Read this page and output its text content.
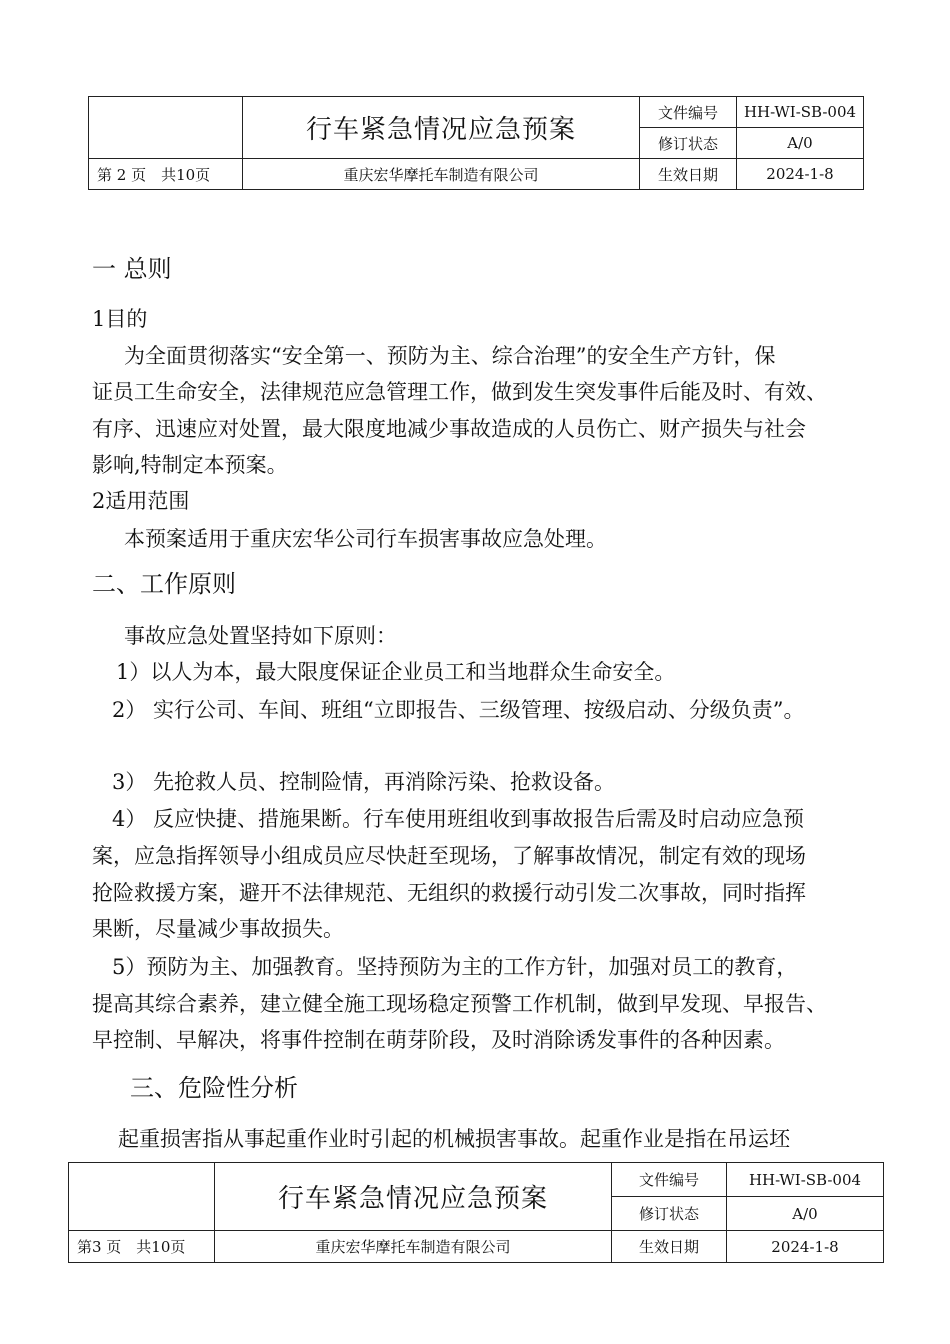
	行车紧急情况应急预案	文件编号	HH-WI-SB-004
		修订状态	A/0
第 2 页　共10页	重庆宏华摩托车制造有限公司	生效日期	2024-1-8
一 总则
1目的
为全面贯彻落实“安全第一、预防为主、综合治理”的安全生产方针，保
证员工生命安全，法律规范应急管理工作，做到发生突发事件后能及时、有效、
有序、迅速应对处置，最大限度地减少事故造成的人员伤亡、财产损失与社会
影响,特制定本预案。
2适用范围
本预案适用于重庆宏华公司行车损害事故应急处理。
二、工作原则
事故应急处置坚持如下原则：
1）以人为本，最大限度保证企业员工和当地群众生命安全。
2） 实行公司、车间、班组“立即报告、三级管理、按级启动、分级负责”。
3） 先抢救人员、控制险情，再消除污染、抢救设备。
4） 反应快捷、措施果断。行车使用班组收到事故报告后需及时启动应急预
案，应急指挥领导小组成员应尽快赶至现场，了解事故情况，制定有效的现场
抢险救援方案，避开不法律规范、无组织的救援行动引发二次事故，同时指挥
果断，尽量减少事故损失。
5）预防为主、加强教育。坚持预防为主的工作方针，加强对员工的教育，
提高其综合素养，建立健全施工现场稳定预警工作机制，做到早发现、早报告、
早控制、早解决，将事件控制在萌芽阶段，及时消除诱发事件的各种因素。
三、危险性分析
起重损害指从事起重作业时引起的机械损害事故。起重作业是指在吊运坯
	行车紧急情况应急预案	文件编号	HH-WI-SB-004
		修订状态	A/0
第3 页　共10页	重庆宏华摩托车制造有限公司	生效日期	2024-1-8
